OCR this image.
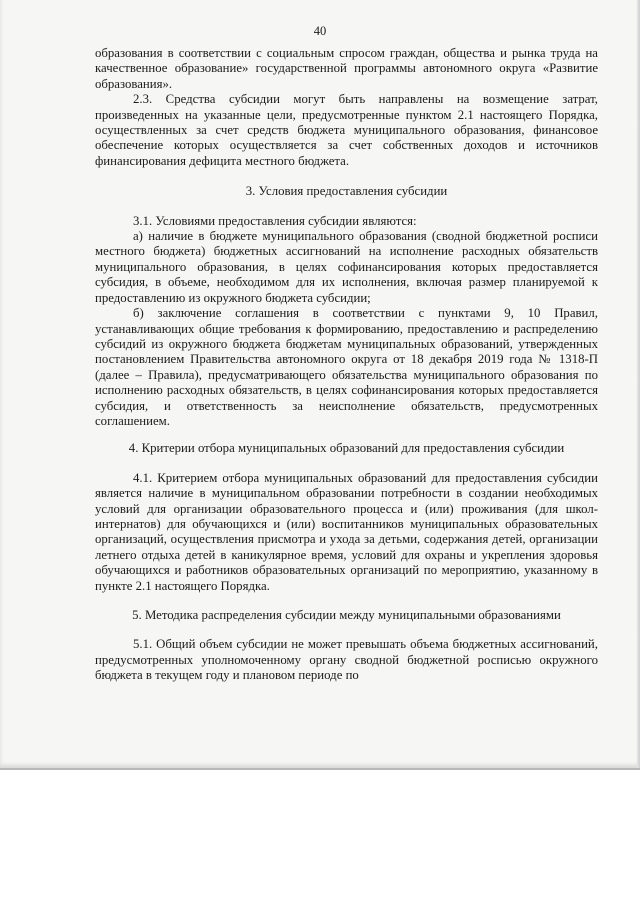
40

образования в соответствии с социальным спросом граждан, общества и рынка труда на качественное образование» государственной программы автономного округа «Развитие образования».

2.3. Средства субсидии могут быть направлены на возмещение затрат, произведенных на указанные цели, предусмотренные пунктом 2.1 настоящего Порядка, осуществленных за счет средств бюджета муниципального образования, финансовое обеспечение которых осуществляется за счет собственных доходов и источников финансирования дефицита местного бюджета.

3. Условия предоставления субсидии

3.1. Условиями предоставления субсидии являются:

а) наличие в бюджете муниципального образования (сводной бюджетной росписи местного бюджета) бюджетных ассигнований на исполнение расходных обязательств муниципального образования, в целях софинансирования которых предоставляется субсидия, в объеме, необходимом для их исполнения, включая размер планируемой к предоставлению из окружного бюджета субсидии;

б) заключение соглашения в соответствии с пунктами 9, 10 Правил, устанавливающих общие требования к формированию, предоставлению и распределению субсидий из окружного бюджета бюджетам муниципальных образований, утвержденных постановлением Правительства автономного округа от 18 декабря 2019 года № 1318-П (далее – Правила), предусматривающего обязательства муниципального образования по исполнению расходных обязательств, в целях софинансирования которых предоставляется субсидия, и ответственность за неисполнение обязательств, предусмотренных соглашением.

4. Критерии отбора муниципальных образований для предоставления субсидии

4.1. Критерием отбора муниципальных образований для предоставления субсидии является наличие в муниципальном образовании потребности в создании необходимых условий для организации образовательного процесса и (или) проживания (для школ-интернатов) для обучающихся и (или) воспитанников муниципальных образовательных организаций, осуществления присмотра и ухода за детьми, содержания детей, организации летнего отдыха детей в каникулярное время, условий для охраны и укрепления здоровья обучающихся и работников образовательных организаций по мероприятию, указанному в пункте 2.1 настоящего Порядка.

5. Методика распределения субсидии между муниципальными образованиями

5.1. Общий объем субсидии не может превышать объема бюджетных ассигнований, предусмотренных уполномоченному органу сводной бюджетной росписью окружного бюджета в текущем году и плановом периоде по
